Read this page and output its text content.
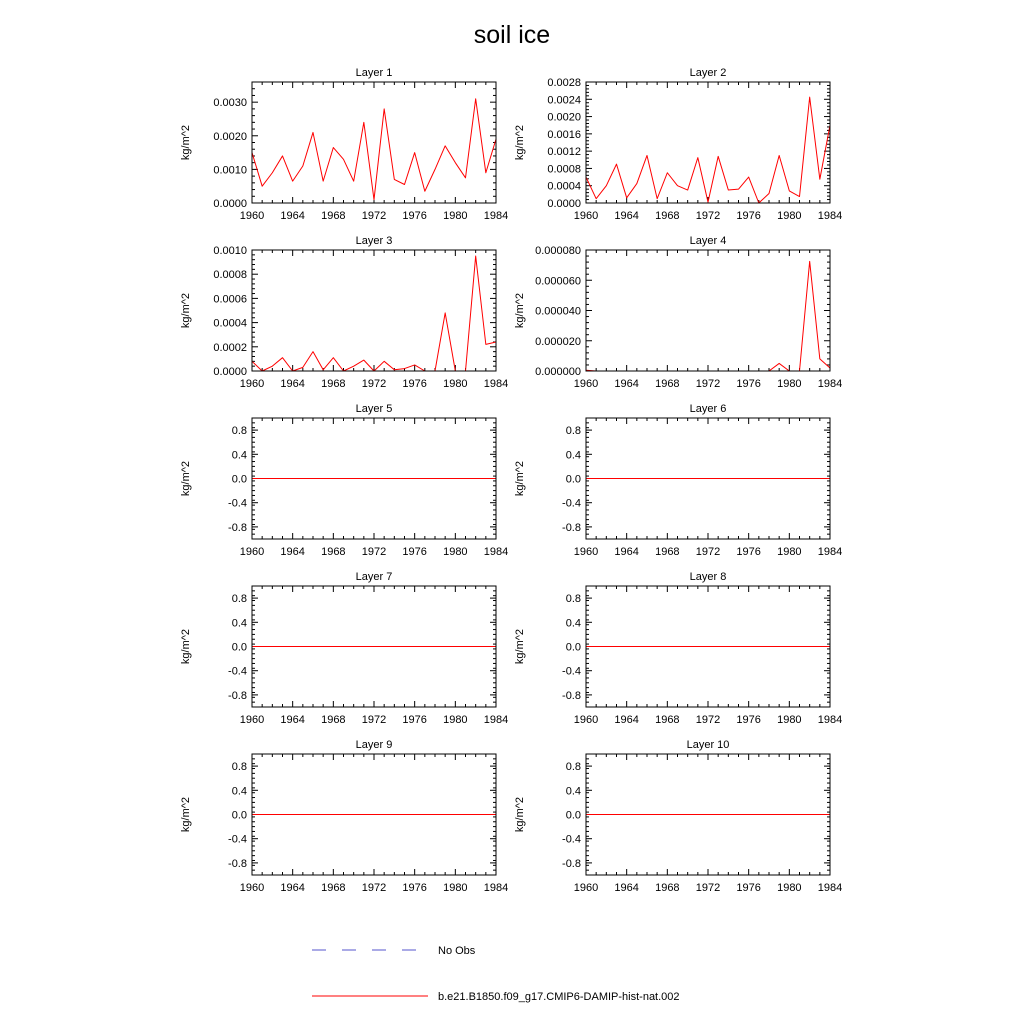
soil ice
Layer 1
kg/m^2
1960 1964 1968 1972 1976 1980 1984
0.0000
0.0010
0.0020
0.0030
Layer 2
kg/m^2
1960 1964 1968 1972 1976 1980 1984
0.0000
0.0004
0.0008
0.0012
0.0016
0.0020
0.0024
0.0028
Layer 3
kg/m^2
1960 1964 1968 1972 1976 1980 1984
0.0000
0.0002
0.0004
0.0006
0.0008
0.0010
Layer 4
kg/m^2
1960 1964 1968 1972 1976 1980 1984
0.000000
0.000020
0.000040
0.000060
0.000080
Layer 5
kg/m^2
1960 1964 1968 1972 1976 1980 1984
-0.8
-0.4
0.0
0.4
0.8
Layer 6
kg/m^2
1960 1964 1968 1972 1976 1980 1984
-0.8
-0.4
0.0
0.4
0.8
Layer 7
kg/m^2
1960 1964 1968 1972 1976 1980 1984
-0.8
-0.4
0.0
0.4
0.8
Layer 8
kg/m^2
1960 1964 1968 1972 1976 1980 1984
-0.8
-0.4
0.0
0.4
0.8
Layer 9
kg/m^2
1960 1964 1968 1972 1976 1980 1984
-0.8
-0.4
0.0
0.4
0.8
Layer 10
kg/m^2
1960 1964 1968 1972 1976 1980 1984
-0.8
-0.4
0.0
0.4
0.8
No Obs
b.e21.B1850.f09_g17.CMIP6-DAMIP-hist-nat.002
